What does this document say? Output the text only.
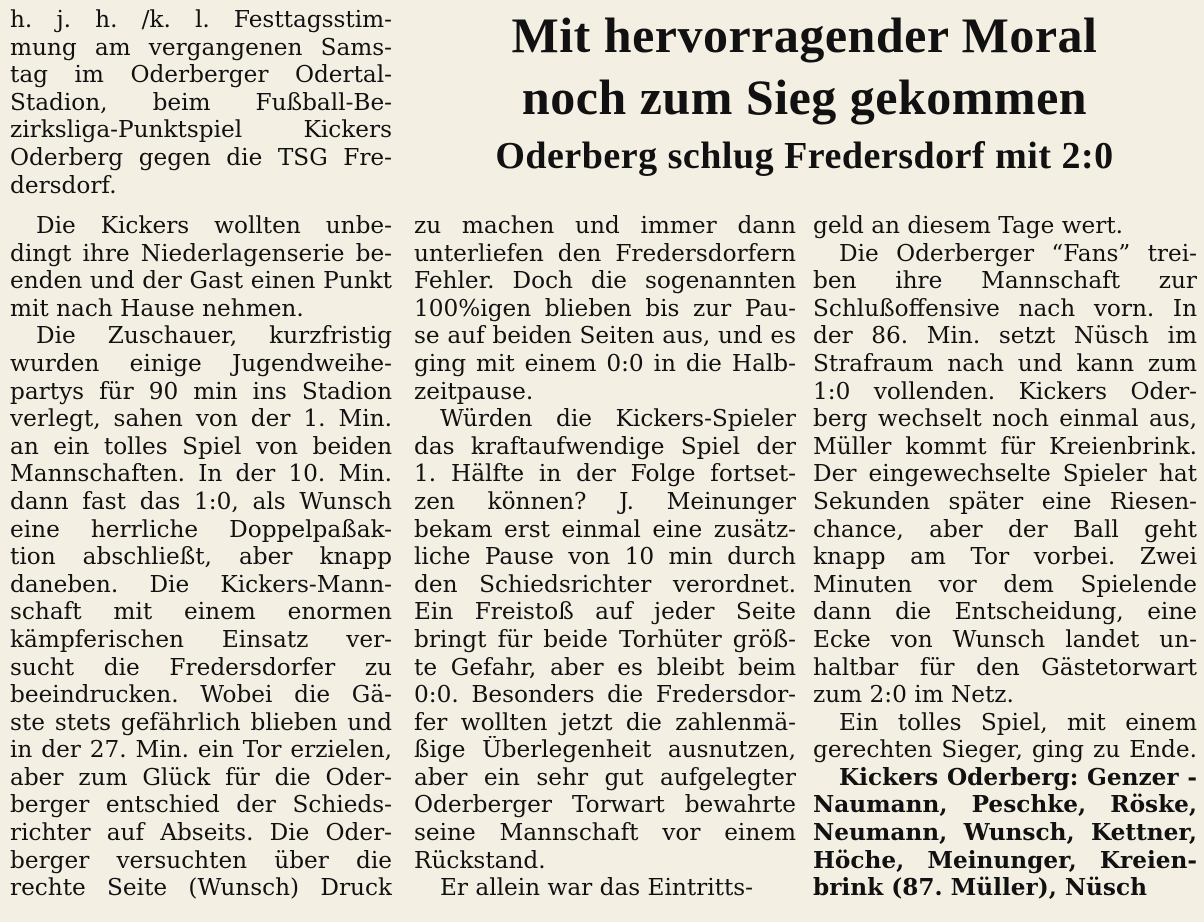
Mit hervorragender Moral
noch zum Sieg gekommen
Oderberg schlug Fredersdorf mit 2:0
h. j. h. /k. l. Festtagsstim-
mung am vergangenen Sams-
tag im Oderberger Odertal-
Stadion, beim Fußball-Be-
zirksliga-Punktspiel Kickers
Oderberg gegen die TSG Fre-
dersdorf.
Die Kickers wollten unbe-
dingt ihre Niederlagenserie be-
enden und der Gast einen Punkt
mit nach Hause nehmen.
Die Zuschauer, kurzfristig
wurden einige Jugendweihe-
partys für 90 min ins Stadion
verlegt, sahen von der 1. Min.
an ein tolles Spiel von beiden
Mannschaften. In der 10. Min.
dann fast das 1:0, als Wunsch
eine herrliche Doppelpaßak-
tion abschließt, aber knapp
daneben. Die Kickers-Mann-
schaft mit einem enormen
kämpferischen Einsatz ver-
sucht die Fredersdorfer zu
beeindrucken. Wobei die Gä-
ste stets gefährlich blieben und
in der 27. Min. ein Tor erzielen,
aber zum Glück für die Oder-
berger entschied der Schieds-
richter auf Abseits. Die Oder-
berger versuchten über die
rechte Seite (Wunsch) Druck
zu machen und immer dann
unterliefen den Fredersdorfern
Fehler. Doch die sogenannten
100%igen blieben bis zur Pau-
se auf beiden Seiten aus, und es
ging mit einem 0:0 in die Halb-
zeitpause.
Würden die Kickers-Spieler
das kraftaufwendige Spiel der
1. Hälfte in der Folge fortset-
zen können? J. Meinunger
bekam erst einmal eine zusätz-
liche Pause von 10 min durch
den Schiedsrichter verordnet.
Ein Freistoß auf jeder Seite
bringt für beide Torhüter größ-
te Gefahr, aber es bleibt beim
0:0. Besonders die Fredersdor-
fer wollten jetzt die zahlenmä-
ßige Überlegenheit ausnutzen,
aber ein sehr gut aufgelegter
Oderberger Torwart bewahrte
seine Mannschaft vor einem
Rückstand.
Er allein war das Eintritts-
geld an diesem Tage wert.
Die Oderberger “Fans” trei-
ben ihre Mannschaft zur
Schlußoffensive nach vorn. In
der 86. Min. setzt Nüsch im
Strafraum nach und kann zum
1:0 vollenden. Kickers Oder-
berg wechselt noch einmal aus,
Müller kommt für Kreienbrink.
Der eingewechselte Spieler hat
Sekunden später eine Riesen-
chance, aber der Ball geht
knapp am Tor vorbei. Zwei
Minuten vor dem Spielende
dann die Entscheidung, eine
Ecke von Wunsch landet un-
haltbar für den Gästetorwart
zum 2:0 im Netz.
Ein tolles Spiel, mit einem
gerechten Sieger, ging zu Ende.
Kickers Oderberg: Genzer -
Naumann, Peschke, Röske,
Neumann, Wunsch, Kettner,
Höche, Meinunger, Kreien-
brink (87. Müller), Nüsch
